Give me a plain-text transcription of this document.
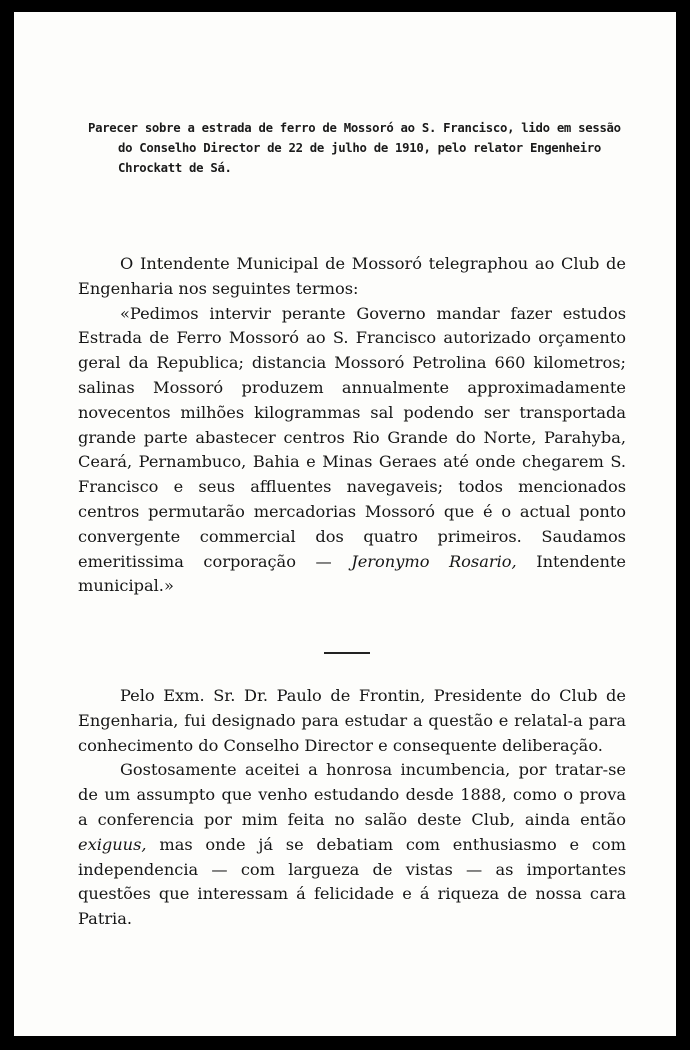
Parecer sobre a estrada de ferro de Mossoró ao S. Francisco, lido em sessão
do Conselho Director de 22 de julho de 1910, pelo relator Engenheiro
Chrockatt de Sá.

O Intendente Municipal de Mossoró telegraphou ao Club de Engenharia nos seguintes termos:

«Pedimos intervir perante Governo mandar fazer estudos Estrada de Ferro Mossoró ao S. Francisco autorizado orçamento geral da Republica; distancia Mossoró Petrolina 660 kilometros; salinas Mossoró produzem annualmente approximadamente novecentos milhões kilogrammas sal podendo ser transportada grande parte abastecer centros Rio Grande do Norte, Parahyba, Ceará, Pernambuco, Bahia e Minas Geraes até onde chegarem S. Francisco e seus affluentes navegaveis; todos mencionados centros permutarão mercadorias Mossoró que é o actual ponto convergente commercial dos quatro primeiros. Saudamos emeritissima corporação — Jeronymo Rosario, Intendente municipal.»

Pelo Exm. Sr. Dr. Paulo de Frontin, Presidente do Club de Engenharia, fui designado para estudar a questão e relatal-a para conhecimento do Conselho Director e consequente deliberação.

Gostosamente aceitei a honrosa incumbencia, por tratar-se de um assumpto que venho estudando desde 1888, como o prova a conferencia por mim feita no salão deste Club, ainda então exiguus, mas onde já se debatiam com enthusiasmo e com independencia — com largueza de vistas — as importantes questões que interessam á felicidade e á riqueza de nossa cara Patria.
